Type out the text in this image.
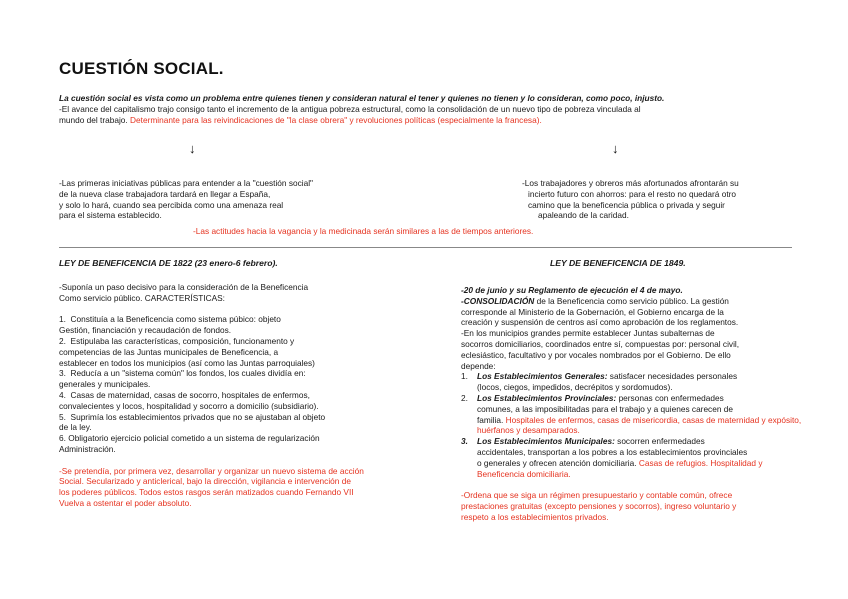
CUESTIÓN SOCIAL.
La cuestión social es vista como un problema entre quienes tienen y consideran natural el tener y quienes no tienen y lo consideran, como poco, injusto.
-El avance del capitalismo trajo consigo tanto el incremento de la antigua pobreza estructural, como la consolidación de un nuevo tipo de pobreza vinculada al
mundo del trabajo. Determinante para las reivindicaciones de "la clase obrera" y revoluciones políticas (especialmente la francesa).
↓	↓
-Las primeras iniciativas públicas para entender a la "cuestión social"
de la nueva clase trabajadora tardará en llegar a España,
y solo lo hará, cuando sea percibida como una amenaza real
para el sistema establecido.
-Los trabajadores y obreros más afortunados afrontarán su
incierto futuro con ahorros: para el resto no quedará otro
camino que la beneficencia pública o privada y seguir
apaleando de la caridad.
-Las actitudes hacia la vagancia y la medicinada serán similares a las de tiempos anteriores.
LEY DE BENEFICENCIA DE 1822 (23 enero-6 febrero).	LEY DE BENEFICENCIA DE 1849.
-Suponía un paso decisivo para la consideración de la Beneficencia
Como servicio público. CARACTERÍSTICAS:
1. Constituía a la Beneficencia como sistema púbico: objeto
Gestión, financiación y recaudación de fondos.
2. Estipulaba las características, composición, funcionamento y
competencias de las Juntas municipales de Beneficencia, a
establecer en todos los municipios (así como las Juntas parroquiales)
3. Reducía a un "sistema común" los fondos, los cuales dividía en:
generales y municipales.
4. Casas de maternidad, casas de socorro, hospitales de enfermos,
convalecientes y locos, hospitalidad y socorro a domicilio (subsidiario).
5. Suprimía los establecimientos privados que no se ajustaban al objeto
de la ley.
6. Obligatorio ejercicio policial cometido a un sistema de regularización
Administración.
-Se pretendía, por primera vez, desarrollar y organizar un nuevo sistema de acción
Social. Secularizado y anticlerical, bajo la dirección, vigilancia e intervención de
los poderes públicos. Todos estos rasgos serán matizados cuando Fernando VII
Vuelva a ostentar el poder absoluto.
-20 de junio y su Reglamento de ejecución el 4 de mayo.
-CONSOLIDACIÓN de la Beneficencia como servicio público. La gestión
corresponde al Ministerio de la Gobernación, el Gobierno encarga de la
creación y suspensión de centros así como aprobación de los reglamentos.
-En los municipios grandes permite establecer Juntas subalternas de
socorros domiciliarios, coordinados entre sí, compuestas por: personal civil,
eclesiástico, facultativo y por vocales nombrados por el Gobierno. De ello
depende:
1.	Los Establecimientos Generales: satisfacer necesidades personales
(locos, ciegos, impedidos, decrépitos y sordomudos).
2.	Los Establecimientos Provinciales: personas con enfermedades
comunes, a las imposibilitadas para el trabajo y a quienes carecen de
familia. Hospitales de enfermos, casas de misericordia, casas de maternidad y expósito, huérfanos y desamparados.
3.	Los Establecimientos Municipales: socorren enfermedades
accidentales, transportan a los pobres a los establecimientos provinciales
o generales y ofrecen atención domiciliaria. Casas de refugios. Hospitalidad y Beneficencia domiciliaria.
-Ordena que se siga un régimen presupuestario y contable común, ofrece
prestaciones gratuitas (excepto pensiones y socorros), ingreso voluntario y
respeto a los establecimientos privados.
